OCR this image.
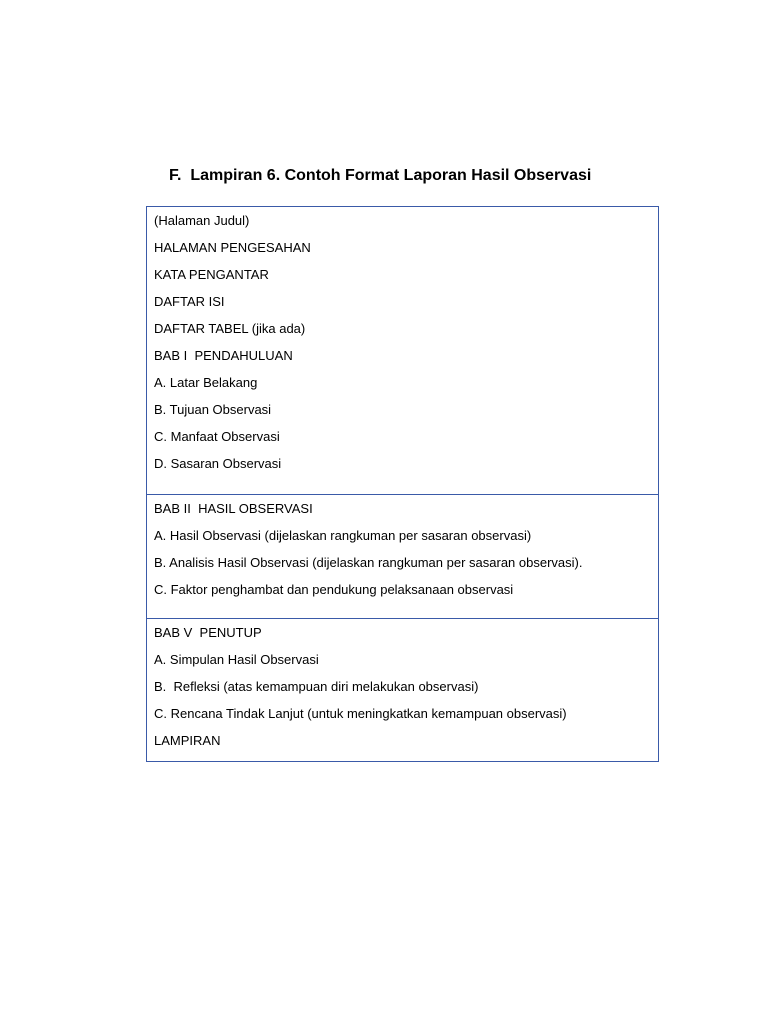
F.  Lampiran 6. Contoh Format Laporan Hasil Observasi
(Halaman Judul)
HALAMAN PENGESAHAN
KATA PENGANTAR
DAFTAR ISI
DAFTAR TABEL (jika ada)
BAB I  PENDAHULUAN
A. Latar Belakang
B. Tujuan Observasi
C. Manfaat Observasi
D. Sasaran Observasi
BAB II  HASIL OBSERVASI
A. Hasil Observasi (dijelaskan rangkuman per sasaran observasi)
B. Analisis Hasil Observasi (dijelaskan rangkuman per sasaran observasi).
C. Faktor penghambat dan pendukung pelaksanaan observasi
BAB V  PENUTUP
A. Simpulan Hasil Observasi
B.  Refleksi (atas kemampuan diri melakukan observasi)
C. Rencana Tindak Lanjut (untuk meningkatkan kemampuan observasi)
LAMPIRAN
